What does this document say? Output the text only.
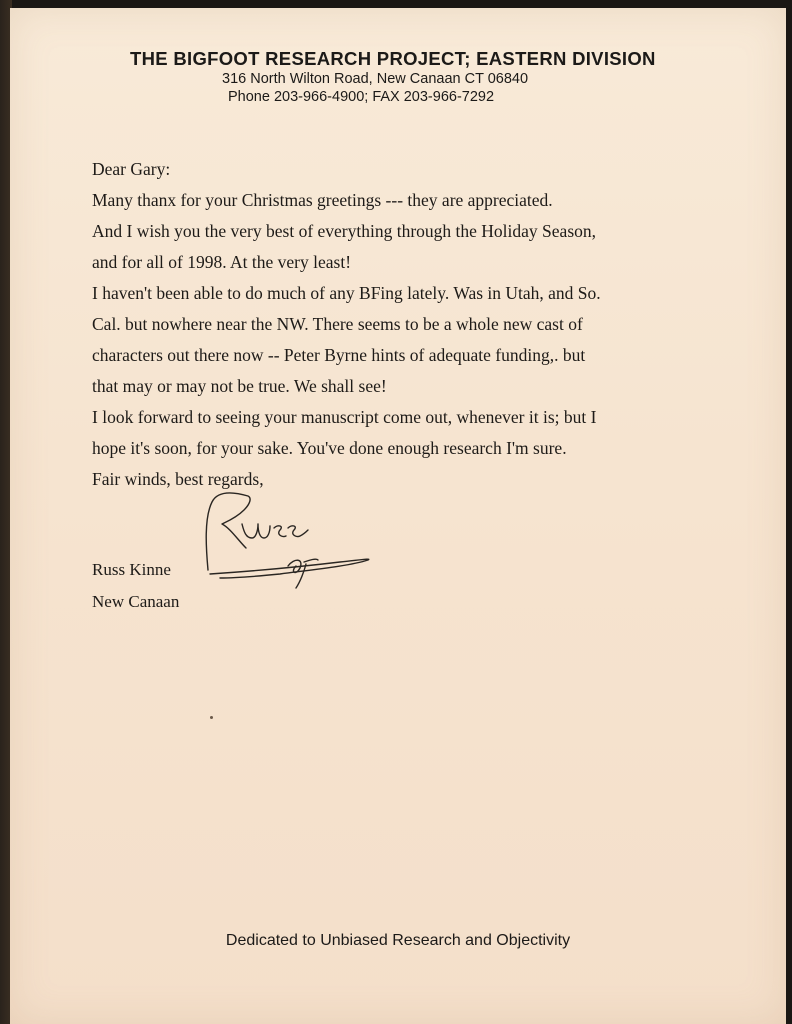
THE BIGFOOT RESEARCH PROJECT; EASTERN DIVISION
316 North Wilton Road, New Canaan CT 06840
Phone 203-966-4900; FAX 203-966-7292

Dear Gary:

Many thanx for your Christmas greetings --- they are appreciated.

And I wish you the very best of everything through the Holiday Season,

and for all of 1998. At the very least!

I haven't been able to do much of any BFing lately. Was in Utah, and So.

Cal. but nowhere near the NW. There seems to be a whole new cast of

characters out there now -- Peter Byrne hints of adequate funding,. but

that may or may not be true. We shall see!

I look forward to seeing your manuscript come out, whenever it is; but I

hope it's soon, for your sake. You've done enough research I'm sure.

Fair winds, best regards,

Russ Kinne

New Canaan

Dedicated to Unbiased Research and Objectivity
